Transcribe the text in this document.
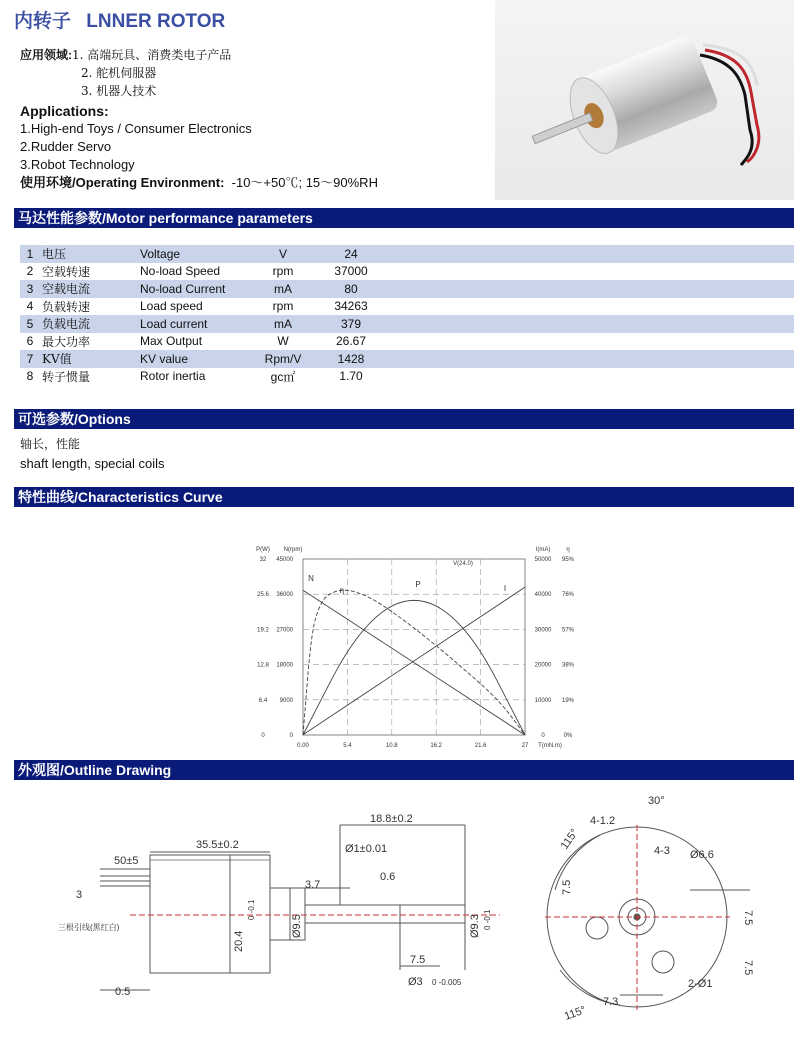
内转子 LNNER ROTOR
应用领域:1. 高端玩具、消费类电子产品
2. 舵机伺服器
3. 机器人技术
Applications:
1.High-end Toys / Consumer Electronics
2.Rudder Servo
3.Robot Technology
使用环境/Operating Environment: -10～+50℃; 15～90%RH
马达性能参数/Motor performance parameters
1	电压	Voltage	V	24	
2	空载转速	No-load Speed	rpm	37000	
3	空载电流	No-load Current	mA	80	
4	负载转速	Load speed	rpm	34263	
5	负载电流	Load current	mA	379	
6	最大功率	Max Output	W	26.67	
7	KV值	KV value	Rpm/V	1428	
8	转子惯量	Rotor inertia	gc㎡	1.70	
可选参数/Options
轴长，性能
shaft length, special coils
特性曲线/Characteristics Curve
0	0	0	0%
6.4 9000	10000 19%
12.8 18000	20000 38%
19.2 27000	30000 57%
25.6 36000	40000 76%
32 45000	50000 95%
0.00	5.4	10.8	16.2	21.6	27
P(W) N(rpm)	I(mA)	η
T(mN.m)
V(24.0)
N
I
P
η
外观图/Outline Drawing
35.5±0.2
50±5
3
0.5
18.8±0.2
Ø1±0.01
3.7
0.6
20.4
0 -0.1
Ø9.5	Ø9.3 0 -0.1
7.5
Ø3 0 -0.005
三根引线(黑红白)
30°
4-1.2
4-3 Ø6.6
115°
115°
7.5
7.5
7.5
7.3
2-Ø1
